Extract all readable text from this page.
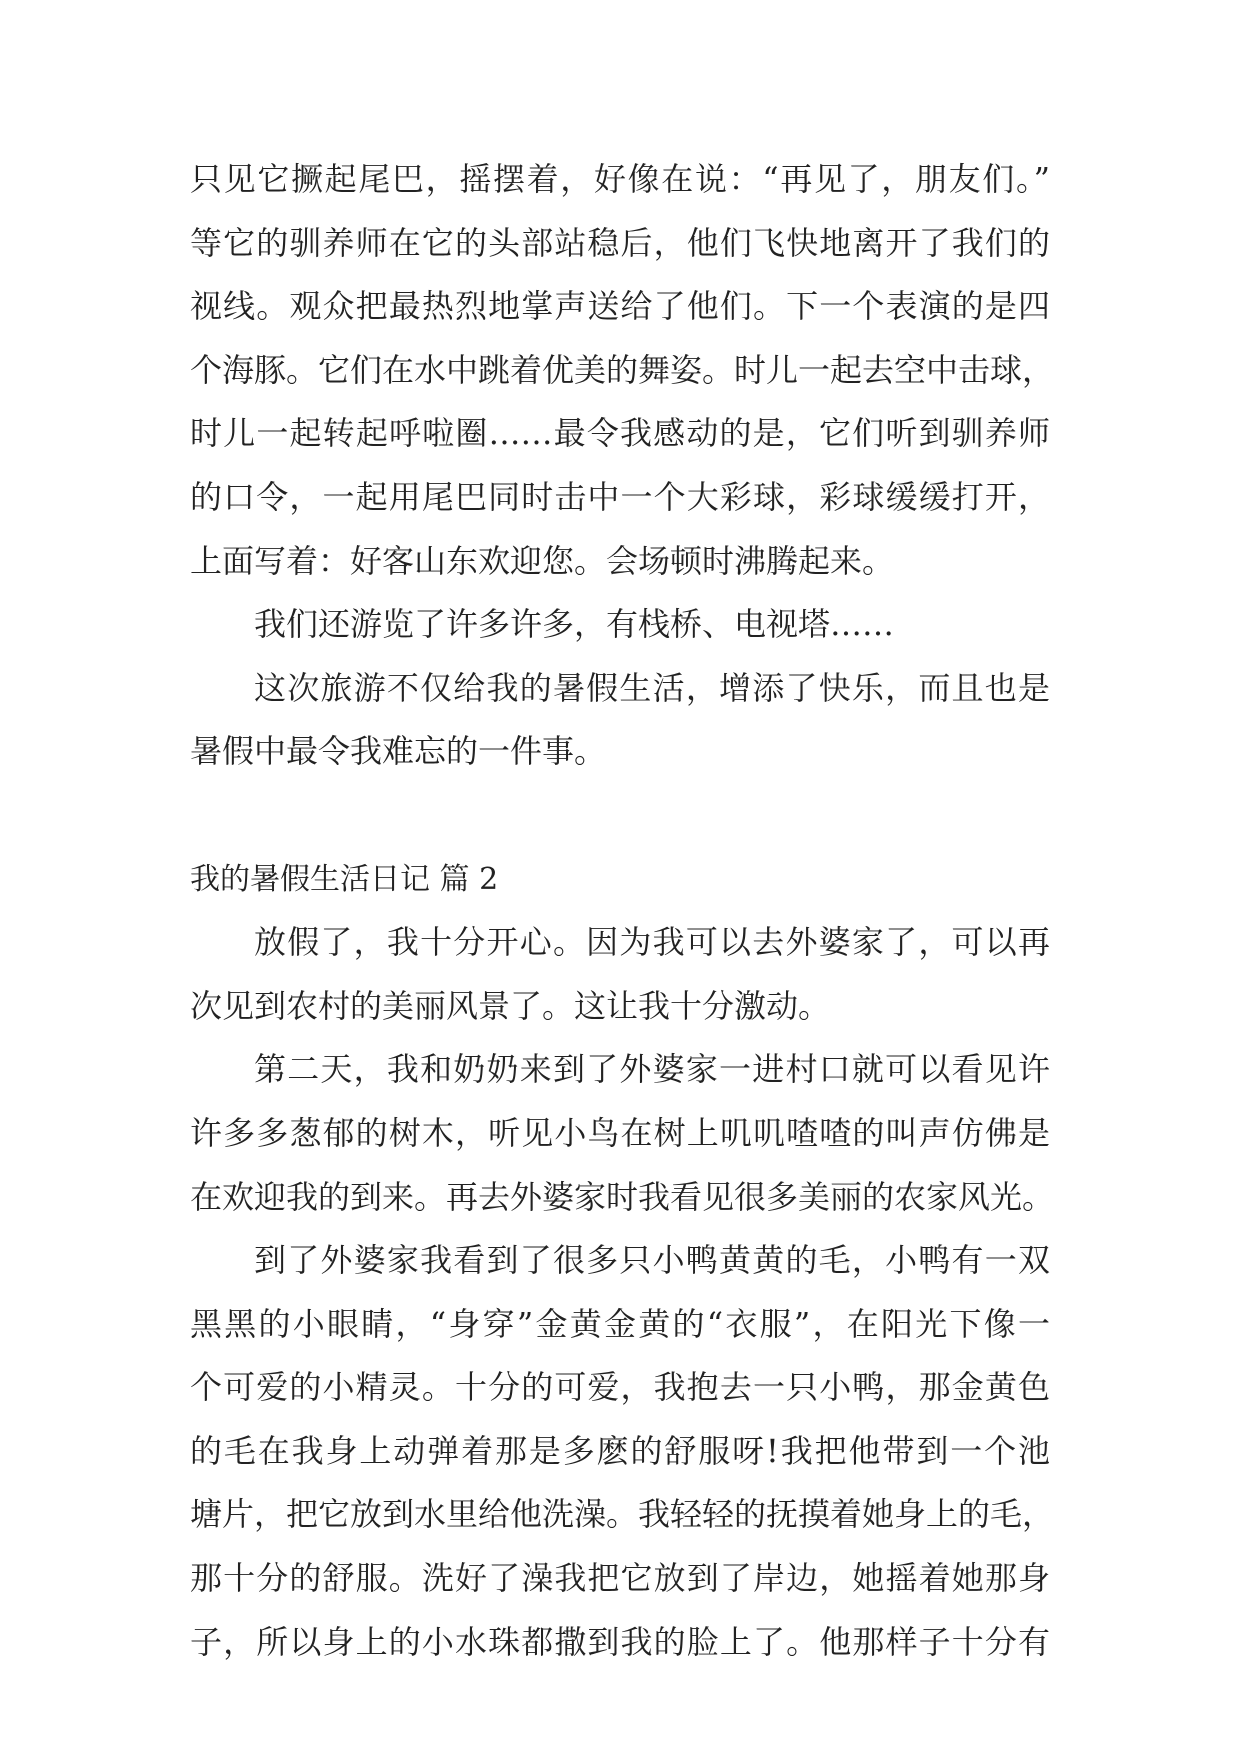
只见它撅起尾巴，摇摆着，好像在说：“再见了，朋友们。”
等它的驯养师在它的头部站稳后，他们飞快地离开了我们的
视线。观众把最热烈地掌声送给了他们。下一个表演的是四
个海豚。它们在水中跳着优美的舞姿。时儿一起去空中击球，
时儿一起转起呼啦圈……最令我感动的是，它们听到驯养师
的口令，一起用尾巴同时击中一个大彩球，彩球缓缓打开，
上面写着：好客山东欢迎您。会场顿时沸腾起来。
我们还游览了许多许多，有栈桥、电视塔……
这次旅游不仅给我的暑假生活，增添了快乐，而且也是
暑假中最令我难忘的一件事。
我的暑假生活日记 篇 2
放假了，我十分开心。因为我可以去外婆家了，可以再
次见到农村的美丽风景了。这让我十分激动。
第二天，我和奶奶来到了外婆家一进村口就可以看见许
许多多葱郁的树木，听见小鸟在树上叽叽喳喳的叫声仿佛是
在欢迎我的到来。再去外婆家时我看见很多美丽的农家风光。
到了外婆家我看到了很多只小鸭黄黄的毛，小鸭有一双
黑黑的小眼睛，“身穿”金黄金黄的“衣服”，在阳光下像一
个可爱的小精灵。十分的可爱，我抱去一只小鸭，那金黄色
的毛在我身上动弹着那是多麽的舒服呀!我把他带到一个池
塘片，把它放到水里给他洗澡。我轻轻的抚摸着她身上的毛，
那十分的舒服。洗好了澡我把它放到了岸边，她摇着她那身
子，所以身上的小水珠都撒到我的脸上了。他那样子十分有
